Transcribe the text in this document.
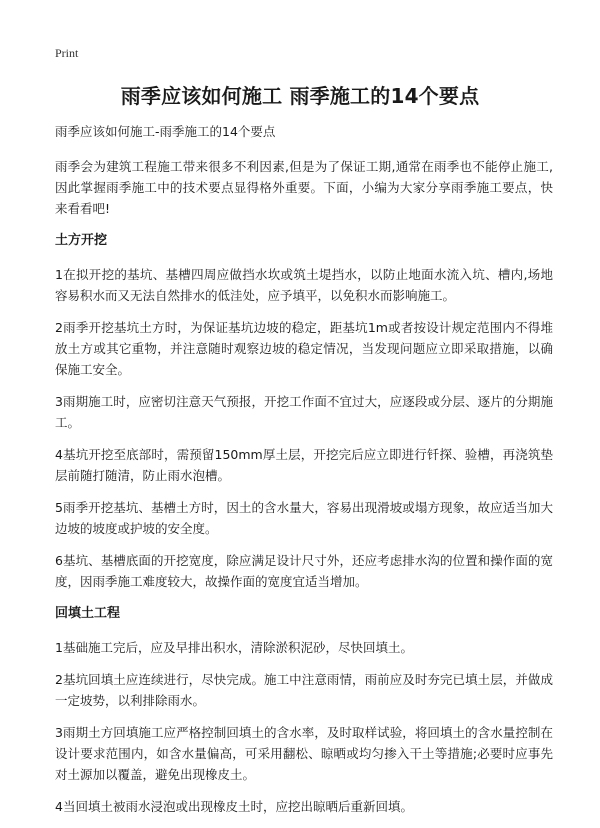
Print
雨季应该如何施工 雨季施工的14个要点

雨季应该如何施工-雨季施工的14个要点

雨季会为建筑工程施工带来很多不利因素,但是为了保证工期,通常在雨季也不能停止施工,因此掌握雨季施工中的技术要点显得格外重要。下面，小编为大家分享雨季施工要点，快来看看吧!

土方开挖

1在拟开挖的基坑、基槽四周应做挡水坎或筑土堤挡水，以防止地面水流入坑、槽内,场地容易积水而又无法自然排水的低洼处，应予填平，以免积水而影响施工。

2雨季开挖基坑土方时，为保证基坑边坡的稳定，距基坑1m或者按设计规定范围内不得堆放土方或其它重物，并注意随时观察边坡的稳定情况，当发现问题应立即采取措施，以确保施工安全。

3雨期施工时，应密切注意天气预报，开挖工作面不宜过大，应逐段或分层、逐片的分期施工。

4基坑开挖至底部时，需预留150mm厚土层，开挖完后应立即进行钎探、验槽，再浇筑垫层前随打随清，防止雨水泡槽。

5雨季开挖基坑、基槽土方时，因土的含水量大，容易出现滑坡或塌方现象，故应适当加大边坡的坡度或护坡的安全度。

6基坑、基槽底面的开挖宽度，除应满足设计尺寸外，还应考虑排水沟的位置和操作面的宽度，因雨季施工难度较大，故操作面的宽度宜适当增加。

回填土工程

1基础施工完后，应及早排出积水，清除淤积泥砂，尽快回填土。

2基坑回填土应连续进行，尽快完成。施工中注意雨情，雨前应及时夯完已填土层，并做成一定坡势，以利排除雨水。

3雨期土方回填施工应严格控制回填土的含水率，及时取样试验，将回填土的含水量控制在设计要求范围内，如含水量偏高，可采用翻松、晾晒或均匀掺入干土等措施;必要时应事先对土源加以覆盖，避免出现橡皮土。

4当回填土被雨水浸泡或出现橡皮土时，应挖出晾晒后重新回填。
